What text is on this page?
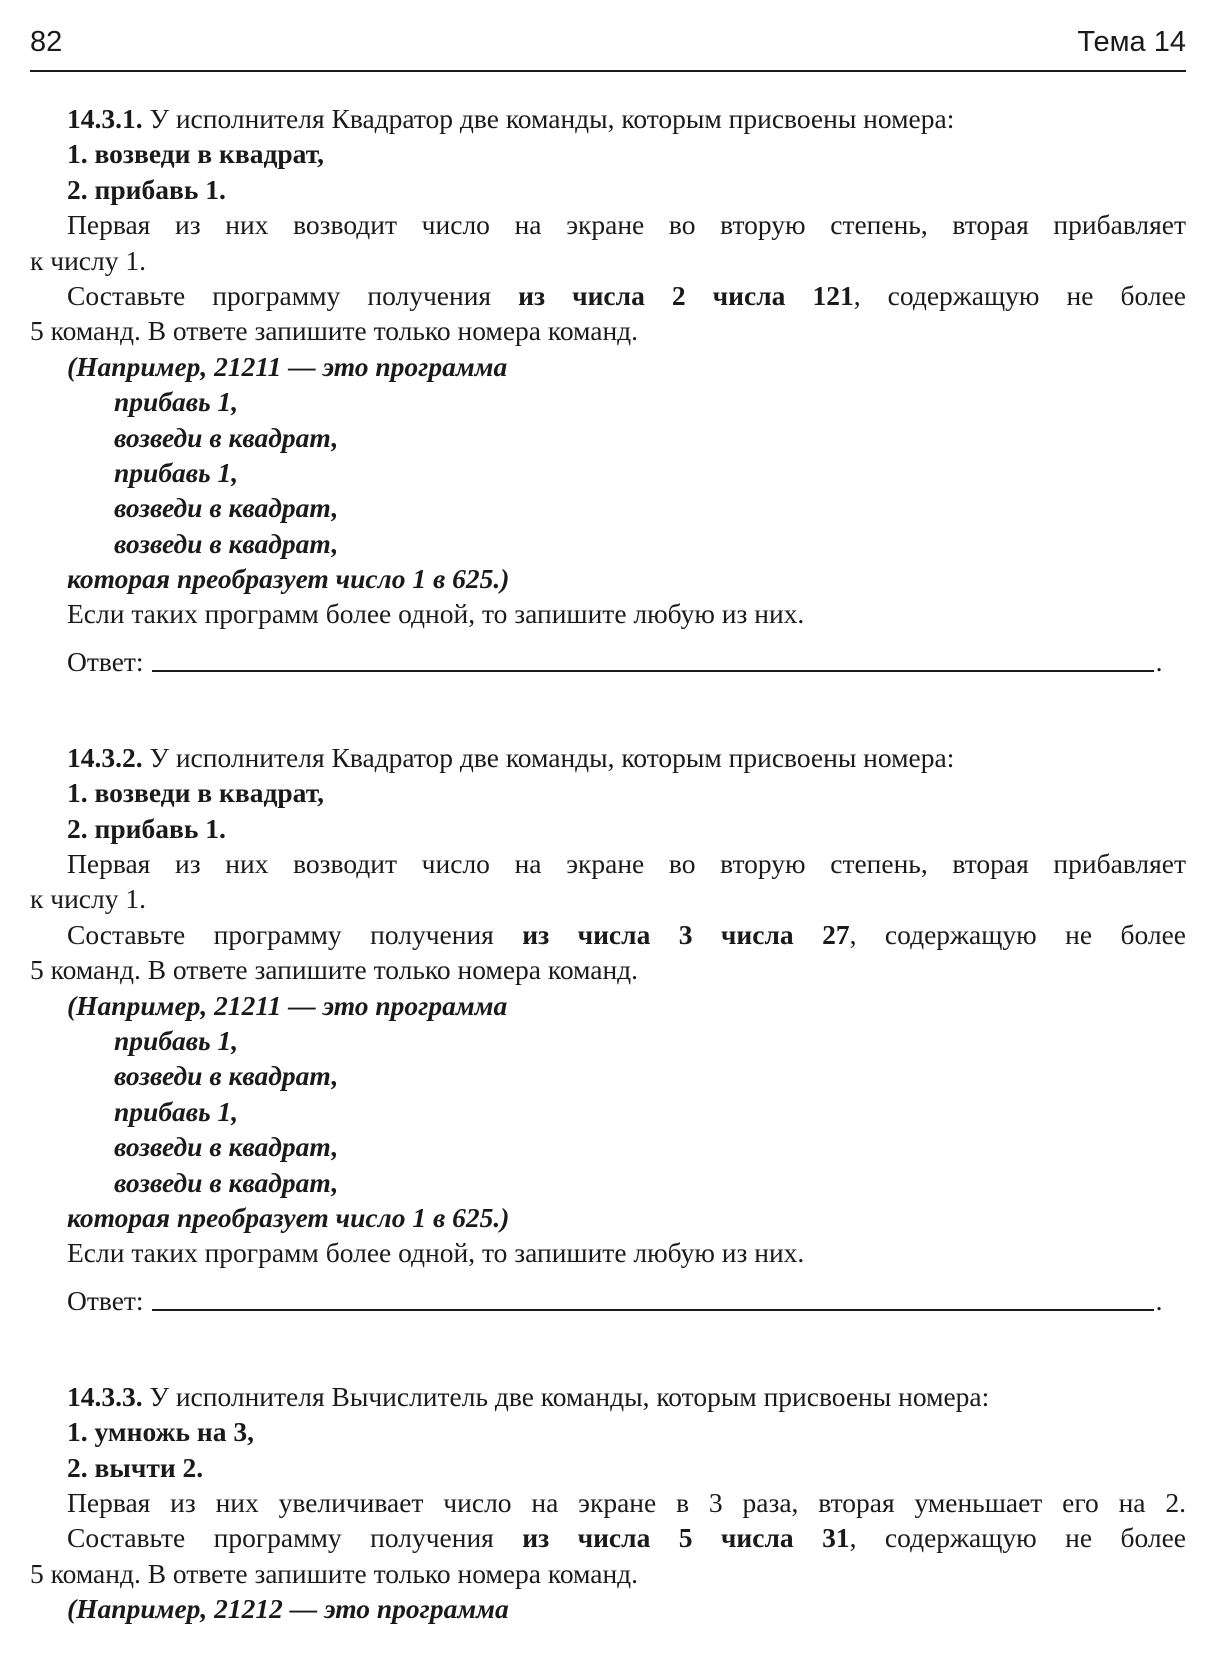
82	Тема 14
14.3.1. У исполнителя Квадратор две команды, которым присвоены номера:
1. возведи в квадрат,
2. прибавь 1.
Первая из них возводит число на экране во вторую степень, вторая прибавляет
к числу 1.
Составьте программу получения из числа 2 числа 121, содержащую не более
5 команд. В ответе запишите только номера команд.
(Например, 21211 — это программа
прибавь 1,
возведи в квадрат,
прибавь 1,
возведи в квадрат,
возведи в квадрат,
которая преобразует число 1 в 625.)
Если таких программ более одной, то запишите любую из них.
Ответ:	.
14.3.2. У исполнителя Квадратор две команды, которым присвоены номера:
1. возведи в квадрат,
2. прибавь 1.
Первая из них возводит число на экране во вторую степень, вторая прибавляет
к числу 1.
Составьте программу получения из числа 3 числа 27, содержащую не более
5 команд. В ответе запишите только номера команд.
(Например, 21211 — это программа
прибавь 1,
возведи в квадрат,
прибавь 1,
возведи в квадрат,
возведи в квадрат,
которая преобразует число 1 в 625.)
Если таких программ более одной, то запишите любую из них.
Ответ:	.
14.3.3. У исполнителя Вычислитель две команды, которым присвоены номера:
1. умножь на 3,
2. вычти 2.
Первая из них увеличивает число на экране в 3 раза, вторая уменьшает его на 2.
Составьте программу получения из числа 5 числа 31, содержащую не более
5 команд. В ответе запишите только номера команд.
(Например, 21212 — это программа
